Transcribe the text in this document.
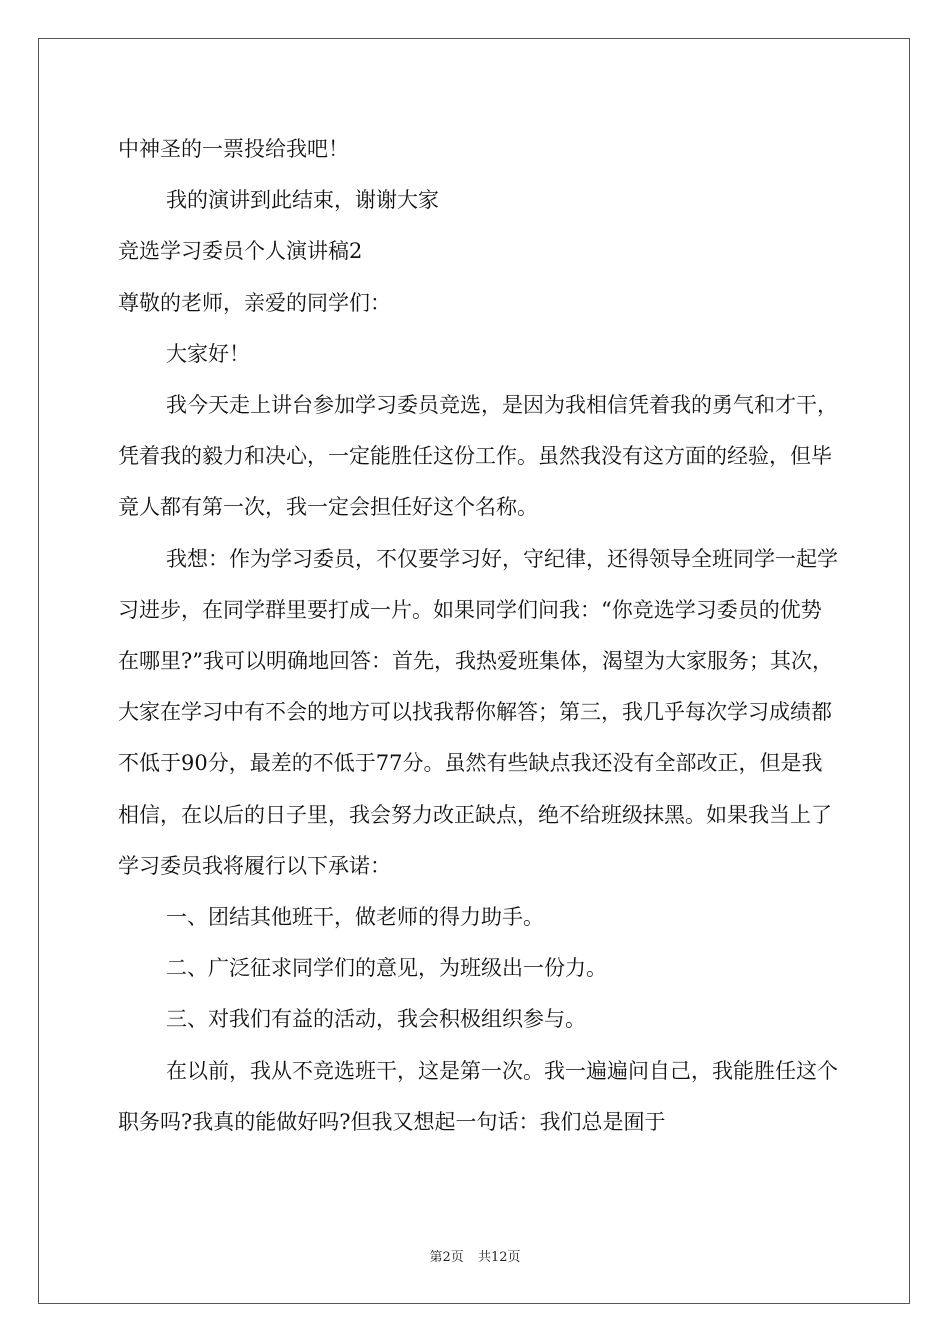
中神圣的一票投给我吧！

我的演讲到此结束，谢谢大家

竞选学习委员个人演讲稿2

尊敬的老师，亲爱的同学们：

大家好！

我今天走上讲台参加学习委员竞选，是因为我相信凭着我的勇气和才干，凭着我的毅力和决心，一定能胜任这份工作。虽然我没有这方面的经验，但毕竟人都有第一次，我一定会担任好这个名称。

我想：作为学习委员，不仅要学习好，守纪律，还得领导全班同学一起学习进步，在同学群里要打成一片。如果同学们问我：“你竞选学习委员的优势在哪里?”我可以明确地回答：首先，我热爱班集体，渴望为大家服务；其次，大家在学习中有不会的地方可以找我帮你解答；第三，我几乎每次学习成绩都不低于90分，最差的不低于77分。虽然有些缺点我还没有全部改正，但是我相信，在以后的日子里，我会努力改正缺点，绝不给班级抹黑。如果我当上了学习委员我将履行以下承诺：

一、团结其他班干，做老师的得力助手。

二、广泛征求同学们的意见，为班级出一份力。

三、对我们有益的活动，我会积极组织参与。

在以前，我从不竞选班干，这是第一次。我一遍遍问自己，我能胜任这个职务吗?我真的能做好吗?但我又想起一句话：我们总是囿于

第2页 共12页
